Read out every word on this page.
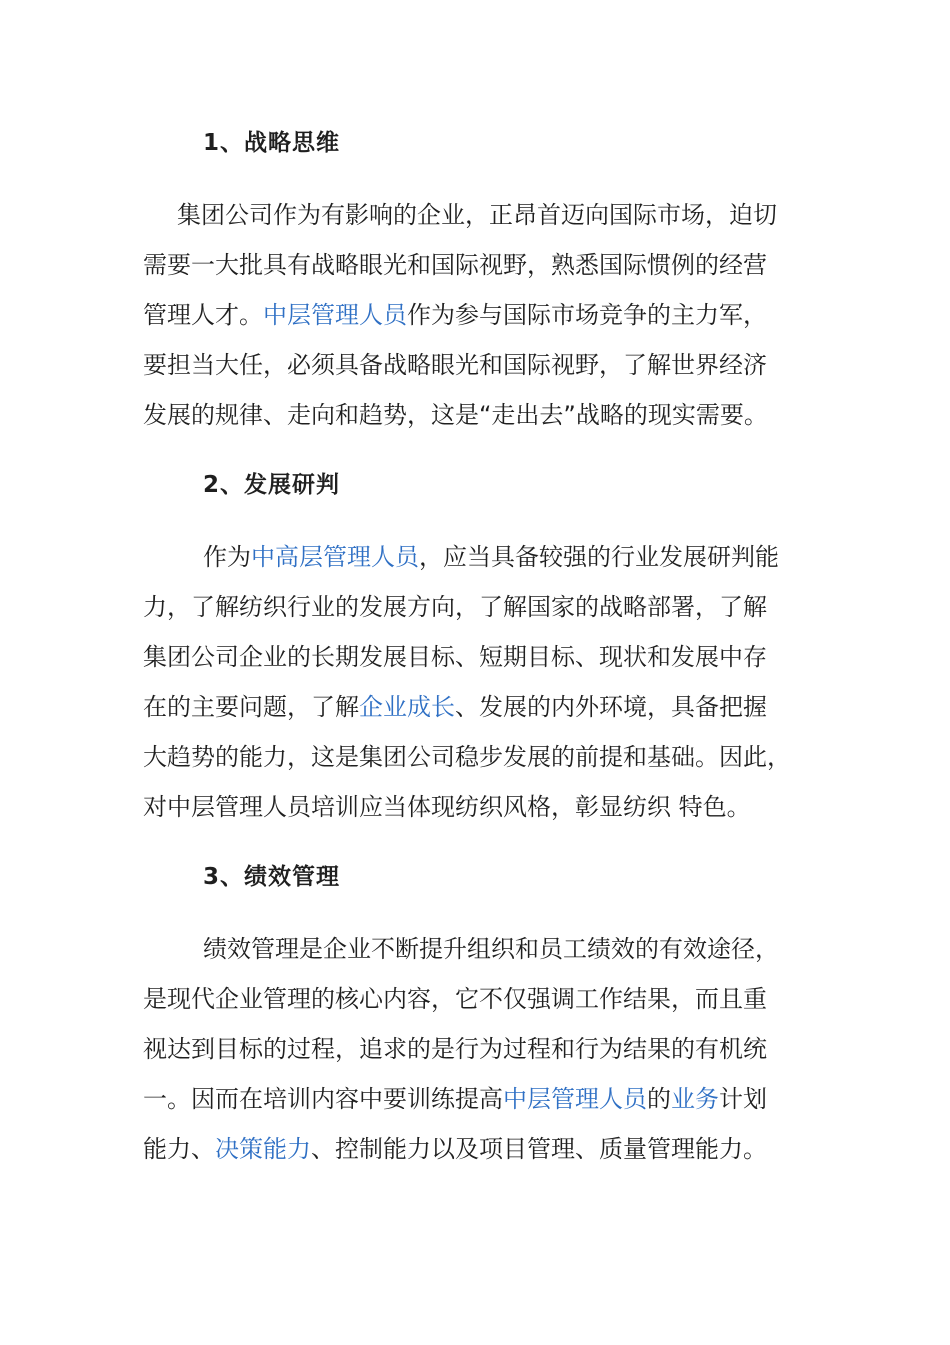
1、战略思维
集团公司作为有影响的企业，正昂首迈向国际市场，迫切
需要一大批具有战略眼光和国际视野，熟悉国际惯例的经营
管理人才。中层管理人员作为参与国际市场竞争的主力军，
要担当大任，必须具备战略眼光和国际视野，了解世界经济
发展的规律、走向和趋势，这是“走出去”战略的现实需要。
2、发展研判
作为中高层管理人员，应当具备较强的行业发展研判能
力，了解纺织行业的发展方向，了解国家的战略部署，了解
集团公司企业的长期发展目标、短期目标、现状和发展中存
在的主要问题，了解企业成长、发展的内外环境，具备把握
大趋势的能力，这是集团公司稳步发展的前提和基础。因此，
对中层管理人员培训应当体现纺织风格，彰显纺织 特色。
3、绩效管理
绩效管理是企业不断提升组织和员工绩效的有效途径，
是现代企业管理的核心内容，它不仅强调工作结果，而且重
视达到目标的过程，追求的是行为过程和行为结果的有机统
一。因而在培训内容中要训练提高中层管理人员的业务计划
能力、决策能力、控制能力以及项目管理、质量管理能力。
